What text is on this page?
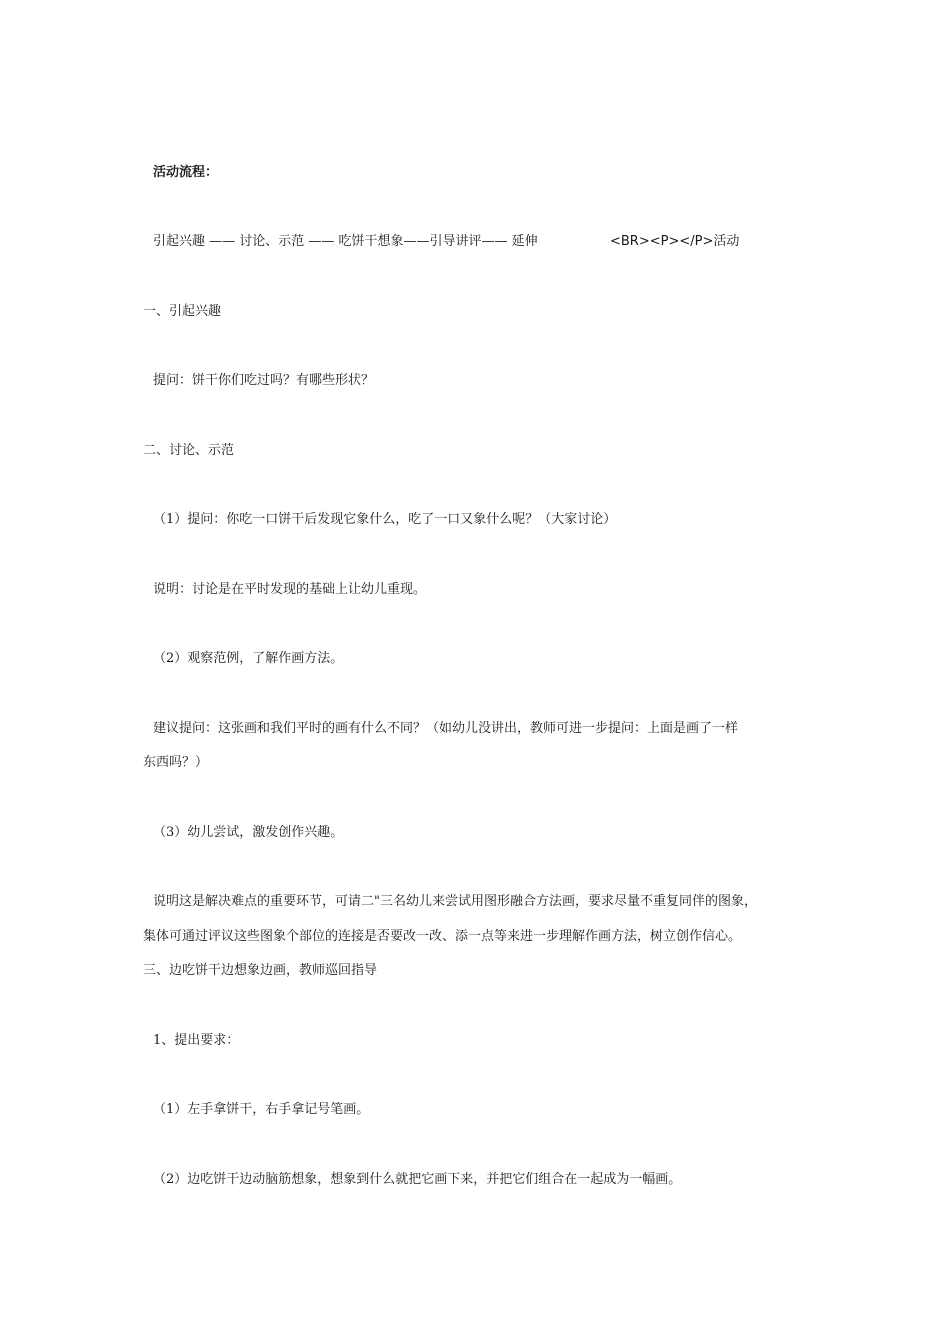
活动流程：
引起兴趣 —— 讨论、示范 —— 吃饼干想象——引导讲评—— 延伸	<BR><P></P>活动
一、引起兴趣
提问：饼干你们吃过吗？有哪些形状？
二、讨论、示范
（1）提问：你吃一口饼干后发现它象什么，吃了一口又象什么呢？（大家讨论）
说明：讨论是在平时发现的基础上让幼儿重现。
（2）观察范例，了解作画方法。
建议提问：这张画和我们平时的画有什么不同？（如幼儿没讲出，教师可进一步提问：上面是画了一样
东西吗？）
（3）幼儿尝试，激发创作兴趣。
说明这是解决难点的重要环节，可请二"三名幼儿来尝试用图形融合方法画，要求尽量不重复同伴的图象，
集体可通过评议这些图象个部位的连接是否要改一改、添一点等来进一步理解作画方法，树立创作信心。
三、边吃饼干边想象边画，教师巡回指导
1、提出要求：
（1）左手拿饼干，右手拿记号笔画。
（2）边吃饼干边动脑筋想象，想象到什么就把它画下来，并把它们组合在一起成为一幅画。
